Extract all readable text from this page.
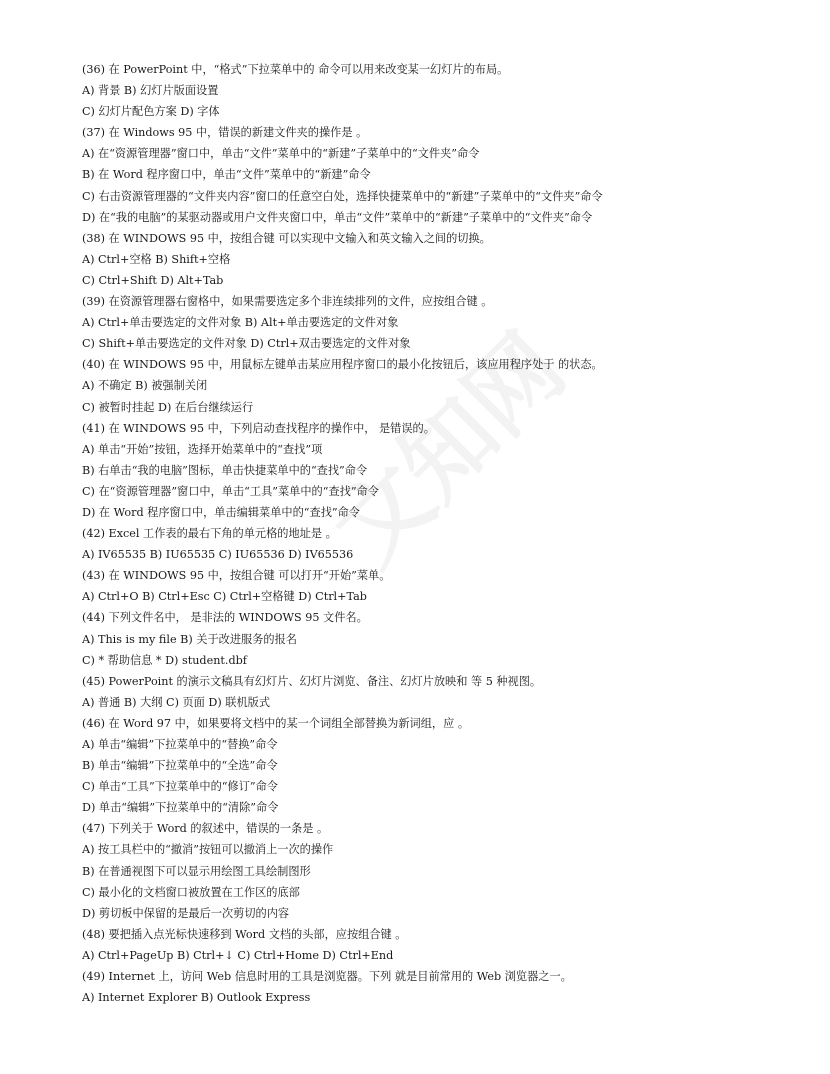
(36) 在 PowerPoint 中，“格式”下拉菜单中的 命令可以用来改变某一幻灯片的布局。
A) 背景 B) 幻灯片版面设置
C) 幻灯片配色方案 D) 字体
(37) 在 Windows 95 中，错误的新建文件夹的操作是 。
A) 在“资源管理器”窗口中，单击“文件”菜单中的“新建”子菜单中的“文件夹”命令
B) 在 Word 程序窗口中，单击“文件”菜单中的“新建”命令
C) 右击资源管理器的“文件夹内容”窗口的任意空白处，选择快捷菜单中的“新建”子菜单中的“文件夹”命令
D) 在“我的电脑”的某驱动器或用户文件夹窗口中，单击“文件”菜单中的“新建”子菜单中的“文件夹”命令
(38) 在 WINDOWS 95 中，按组合键 可以实现中文输入和英文输入之间的切换。
A) Ctrl+空格 B) Shift+空格
C) Ctrl+Shift D) Alt+Tab
(39) 在资源管理器右窗格中，如果需要选定多个非连续排列的文件，应按组合键 。
A) Ctrl+单击要选定的文件对象 B) Alt+单击要选定的文件对象
C) Shift+单击要选定的文件对象 D) Ctrl+双击要选定的文件对象
(40) 在 WINDOWS 95 中，用鼠标左键单击某应用程序窗口的最小化按钮后，该应用程序处于 的状态。
A) 不确定 B) 被强制关闭
C) 被暂时挂起 D) 在后台继续运行
(41) 在 WINDOWS 95 中，下列启动查找程序的操作中， 是错误的。
A) 单击“开始”按钮，选择开始菜单中的“查找”项
B) 右单击“我的电脑”图标，单击快捷菜单中的“查找”命令
C) 在“资源管理器”窗口中，单击“工具”菜单中的“查找”命令
D) 在 Word 程序窗口中，单击编辑菜单中的“查找”命令
(42) Excel 工作表的最右下角的单元格的地址是 。
A) IV65535 B) IU65535 C) IU65536 D) IV65536
(43) 在 WINDOWS 95 中，按组合键 可以打开“开始”菜单。
A) Ctrl+O B) Ctrl+Esc C) Ctrl+空格键 D) Ctrl+Tab
(44) 下列文件名中， 是非法的 WINDOWS 95 文件名。
A) This is my file B) 关于改进服务的报名
C) * 帮助信息 * D) student.dbf
(45) PowerPoint 的演示文稿具有幻灯片、幻灯片浏览、备注、幻灯片放映和 等 5 种视图。
A) 普通 B) 大纲 C) 页面 D) 联机版式
(46) 在 Word 97 中，如果要将文档中的某一个词组全部替换为新词组，应 。
A) 单击“编辑”下拉菜单中的“替换”命令
B) 单击“编辑”下拉菜单中的“全选”命令
C) 单击“工具”下拉菜单中的“修订”命令
D) 单击“编辑”下拉菜单中的“清除”命令
(47) 下列关于 Word 的叙述中，错误的一条是 。
A) 按工具栏中的“撤消”按钮可以撤消上一次的操作
B) 在普通视图下可以显示用绘图工具绘制图形
C) 最小化的文档窗口被放置在工作区的底部
D) 剪切板中保留的是最后一次剪切的内容
(48) 要把插入点光标快速移到 Word 文档的头部，应按组合键 。
A) Ctrl+PageUp B) Ctrl+↓ C) Ctrl+Home D) Ctrl+End
(49) Internet 上，访问 Web 信息时用的工具是浏览器。下列 就是目前常用的 Web 浏览器之一。
A) Internet Explorer B) Outlook Express
